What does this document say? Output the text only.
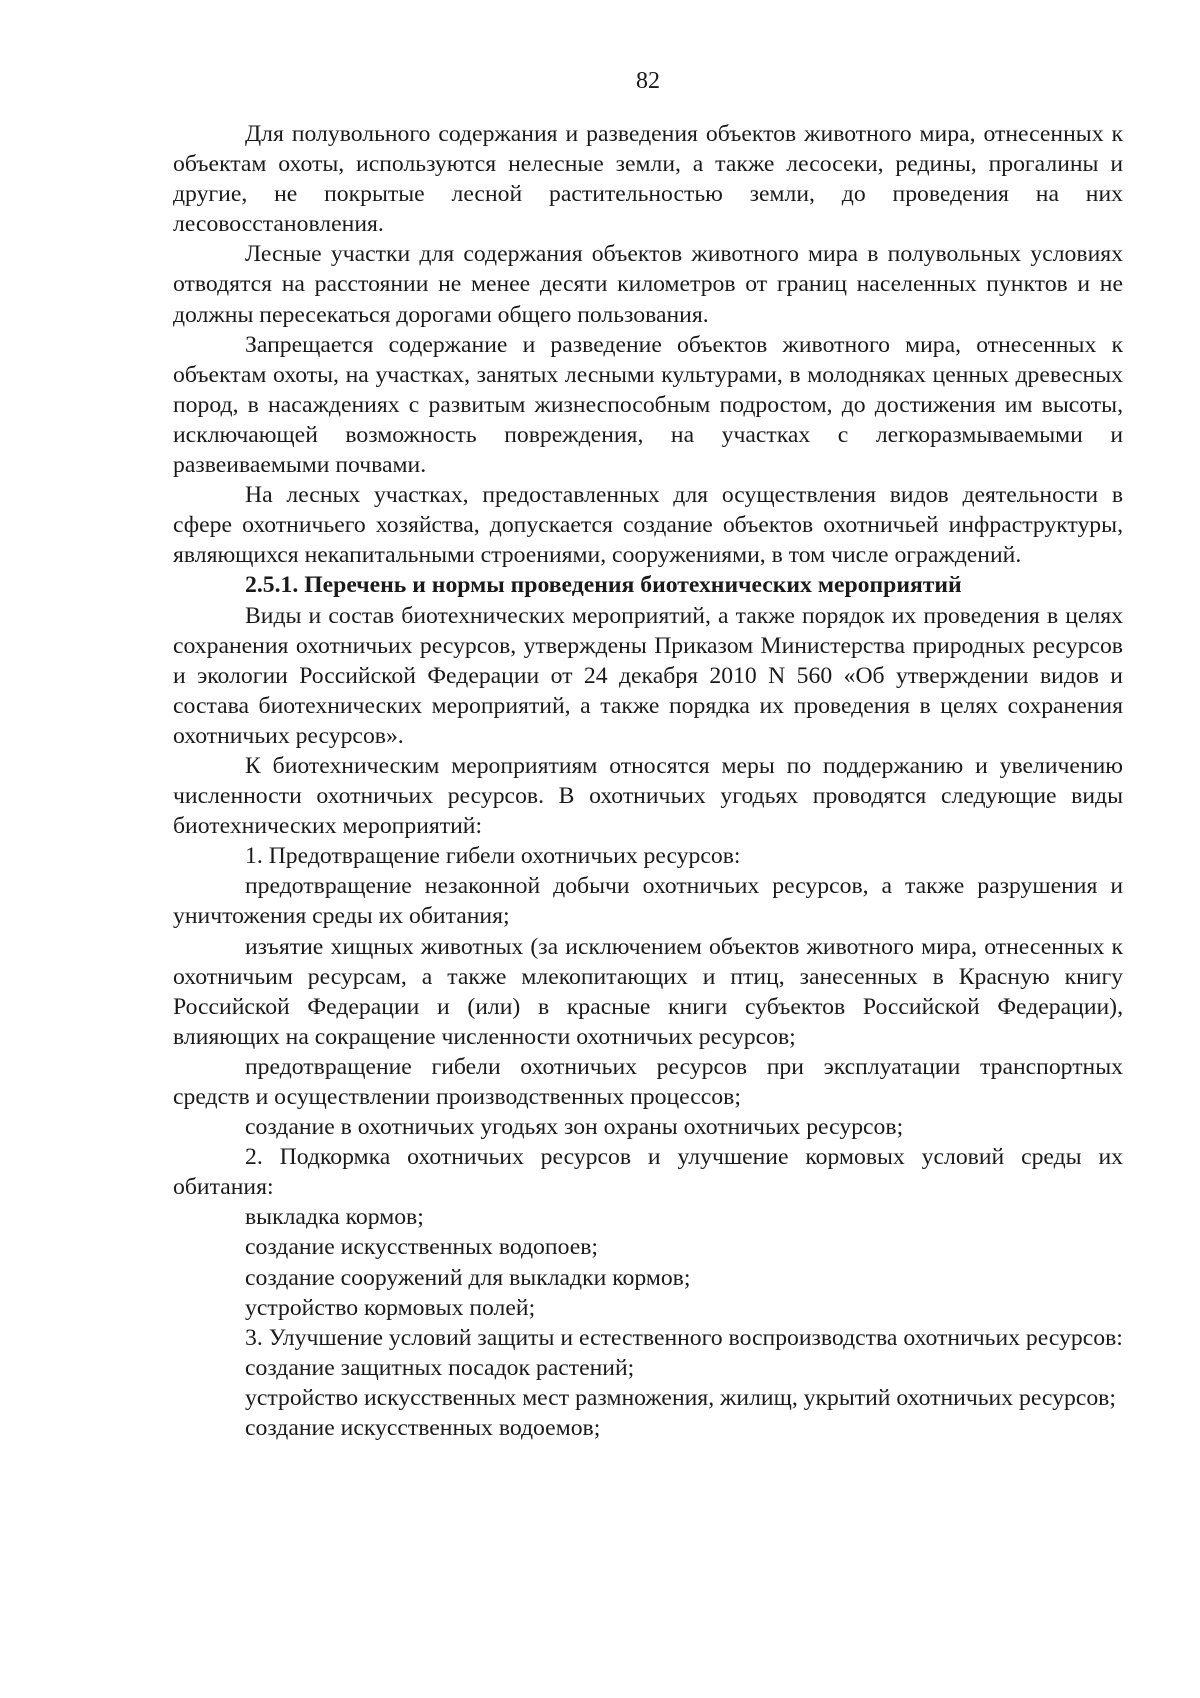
82

Для полувольного содержания и разведения объектов животного мира, отнесенных к объектам охоты, используются нелесные земли, а также лесосеки, редины, прогалины и другие, не покрытые лесной растительностью земли, до проведения на них лесовосстановления.

Лесные участки для содержания объектов животного мира в полувольных условиях отводятся на расстоянии не менее десяти километров от границ населенных пунктов и не должны пересекаться дорогами общего пользования.

Запрещается содержание и разведение объектов животного мира, отнесенных к объектам охоты, на участках, занятых лесными культурами, в молодняках ценных древесных пород, в насаждениях с развитым жизнеспособным подростом, до достижения им высоты, исключающей возможность повреждения, на участках с легкоразмываемыми и развеиваемыми почвами.

На лесных участках, предоставленных для осуществления видов деятельности в сфере охотничьего хозяйства, допускается создание объектов охотничьей инфраструктуры, являющихся некапитальными строениями, сооружениями, в том числе ограждений.

2.5.1. Перечень и нормы проведения биотехнических мероприятий

Виды и состав биотехнических мероприятий, а также порядок их проведения в целях сохранения охотничьих ресурсов, утверждены Приказом Министерства природных ресурсов и экологии Российской Федерации от 24 декабря 2010 N 560 «Об утверждении видов и состава биотехнических мероприятий, а также порядка их проведения в целях сохранения охотничьих ресурсов».

К биотехническим мероприятиям относятся меры по поддержанию и увеличению численности охотничьих ресурсов. В охотничьих угодьях проводятся следующие виды биотехнических мероприятий:

1. Предотвращение гибели охотничьих ресурсов:

предотвращение незаконной добычи охотничьих ресурсов, а также разрушения и уничтожения среды их обитания;

изъятие хищных животных (за исключением объектов животного мира, отнесенных к охотничьим ресурсам, а также млекопитающих и птиц, занесенных в Красную книгу Российской Федерации и (или) в красные книги субъектов Российской Федерации), влияющих на сокращение численности охотничьих ресурсов;

предотвращение гибели охотничьих ресурсов при эксплуатации транспортных средств и осуществлении производственных процессов;

создание в охотничьих угодьях зон охраны охотничьих ресурсов;

2. Подкормка охотничьих ресурсов и улучшение кормовых условий среды их обитания:

выкладка кормов;

создание искусственных водопоев;

создание сооружений для выкладки кормов;

устройство кормовых полей;

3. Улучшение условий защиты и естественного воспроизводства охотничьих ресурсов:

создание защитных посадок растений;

устройство искусственных мест размножения, жилищ, укрытий охотничьих ресурсов;

создание искусственных водоемов;
